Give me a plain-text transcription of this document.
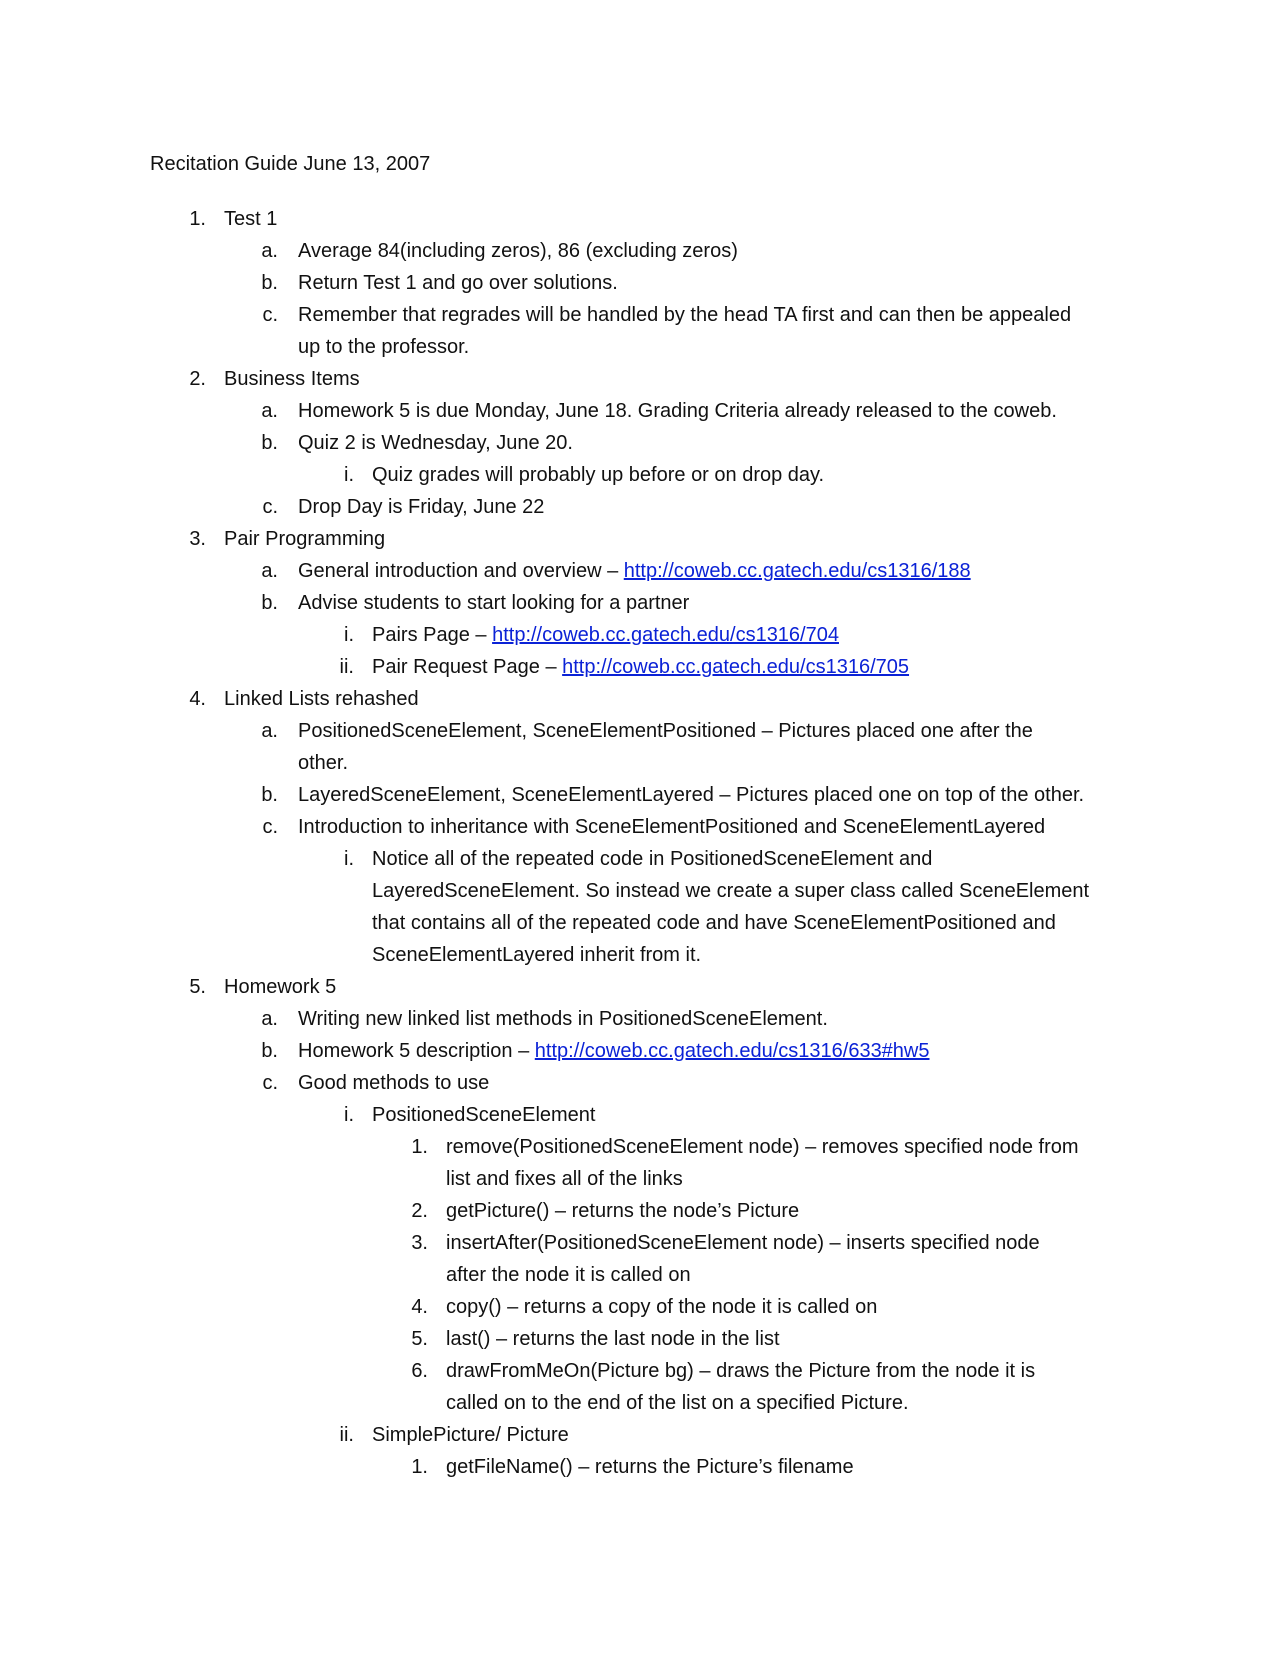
Recitation Guide June 13, 2007
1. Test 1
a. Average 84(including zeros), 86 (excluding zeros)
b. Return Test 1 and go over solutions.
c. Remember that regrades will be handled by the head TA first and can then be appealed
up to the professor.
2. Business Items
a. Homework 5 is due Monday, June 18. Grading Criteria already released to the coweb.
b. Quiz 2 is Wednesday, June 20.
i. Quiz grades will probably up before or on drop day.
c. Drop Day is Friday, June 22
3. Pair Programming
a. General introduction and overview – http://coweb.cc.gatech.edu/cs1316/188
b. Advise students to start looking for a partner
i. Pairs Page – http://coweb.cc.gatech.edu/cs1316/704
ii. Pair Request Page – http://coweb.cc.gatech.edu/cs1316/705
4. Linked Lists rehashed
a. PositionedSceneElement, SceneElementPositioned – Pictures placed one after the
other.
b. LayeredSceneElement, SceneElementLayered – Pictures placed one on top of the other.
c. Introduction to inheritance with SceneElementPositioned and SceneElementLayered
i. Notice all of the repeated code in PositionedSceneElement and
LayeredSceneElement. So instead we create a super class called SceneElement
that contains all of the repeated code and have SceneElementPositioned and
SceneElementLayered inherit from it.
5. Homework 5
a. Writing new linked list methods in PositionedSceneElement.
b. Homework 5 description – http://coweb.cc.gatech.edu/cs1316/633#hw5
c. Good methods to use
i. PositionedSceneElement
1. remove(PositionedSceneElement node) – removes specified node from
list and fixes all of the links
2. getPicture() – returns the node’s Picture
3. insertAfter(PositionedSceneElement node) – inserts specified node
after the node it is called on
4. copy() – returns a copy of the node it is called on
5. last() – returns the last node in the list
6. drawFromMeOn(Picture bg) – draws the Picture from the node it is
called on to the end of the list on a specified Picture.
ii. SimplePicture/ Picture
1. getFileName() – returns the Picture’s filename
